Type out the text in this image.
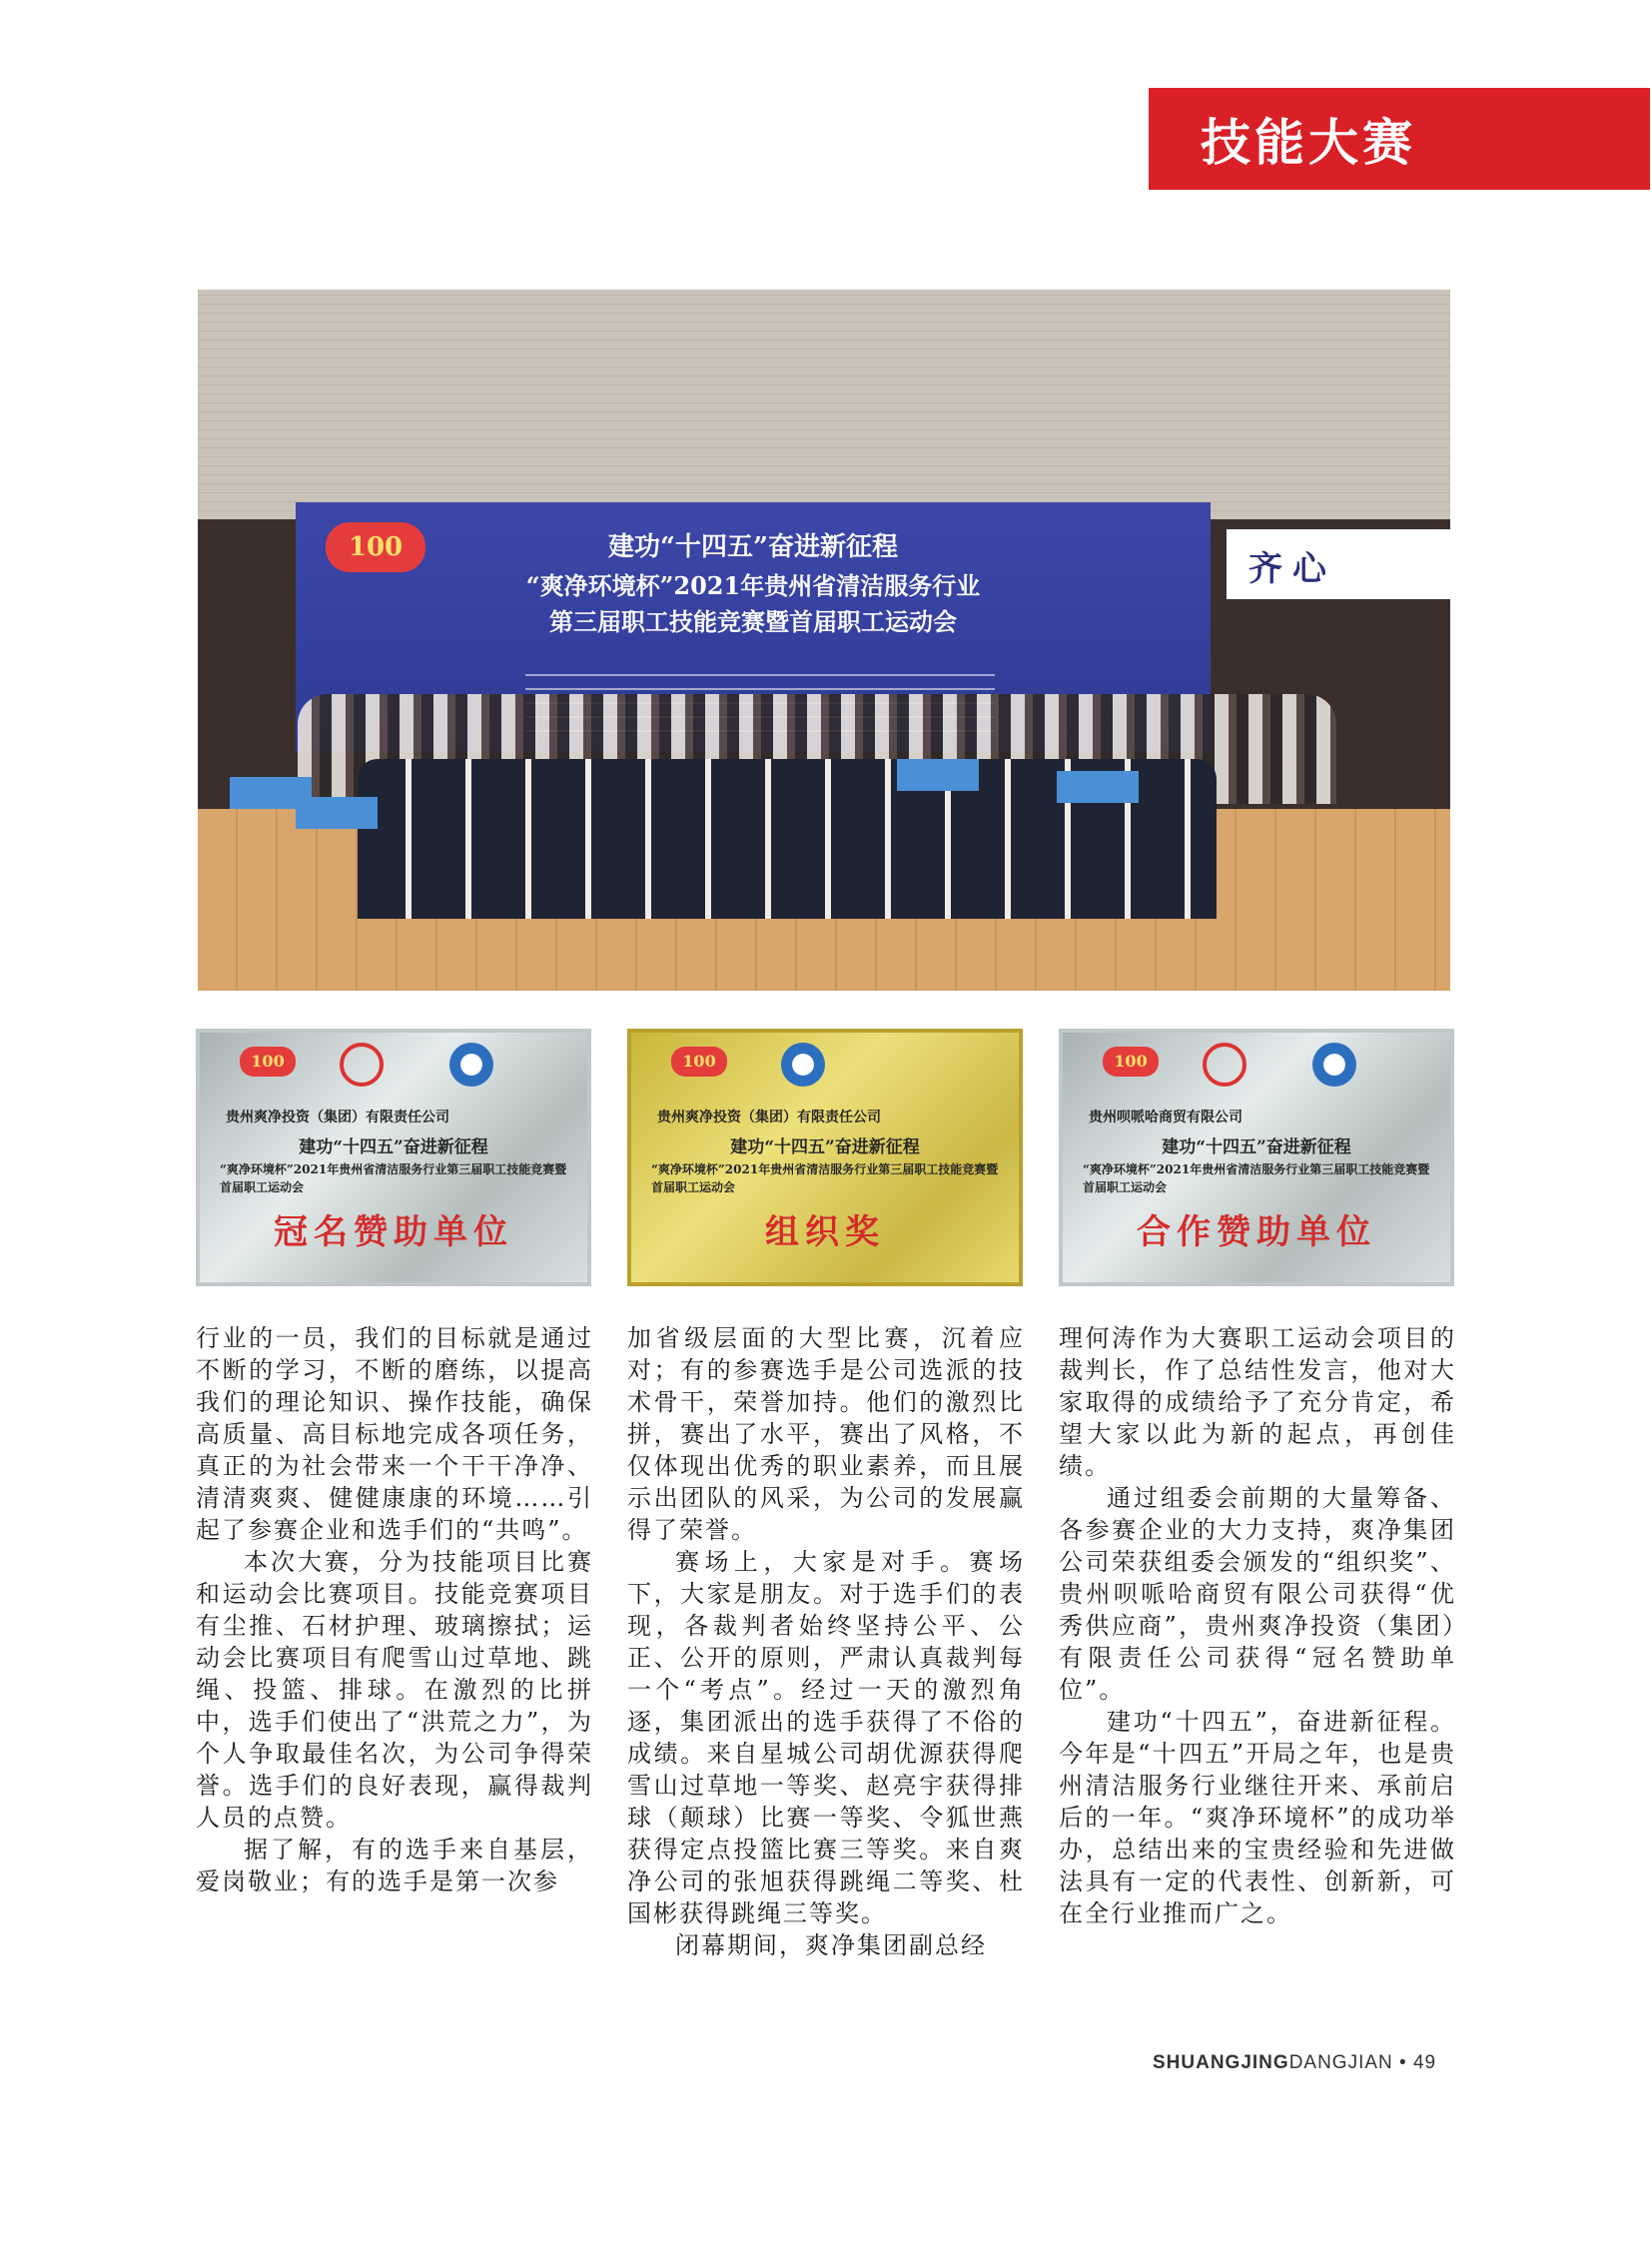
技能大赛
100	建功“十四五”奋进新征程
“爽净环境杯”2021年贵州省清洁服务行业
第三届职工技能竞赛暨首届职工运动会
齐心
100
贵州爽净投资（集团）有限责任公司
建功“十四五”奋进新征程
“爽净环境杯”2021年贵州省清洁服务行业第三届职工技能竞赛暨首届职工运动会
冠名赞助单位
100
贵州爽净投资（集团）有限责任公司
建功“十四五”奋进新征程
“爽净环境杯”2021年贵州省清洁服务行业第三届职工技能竞赛暨首届职工运动会
组织奖
100
贵州呗哌哈商贸有限公司
建功“十四五”奋进新征程
“爽净环境杯”2021年贵州省清洁服务行业第三届职工技能竞赛暨首届职工运动会
合作赞助单位

行业的一员，我们的目标就是通过不断的学习，不断的磨练，以提高我们的理论知识、操作技能，确保高质量、高目标地完成各项任务，真正的为社会带来一个干干净净、清清爽爽、健健康康的环境……引起了参赛企业和选手们的“共鸣”。

本次大赛，分为技能项目比赛和运动会比赛项目。技能竞赛项目有尘推、石材护理、玻璃擦拭；运动会比赛项目有爬雪山过草地、跳绳、投篮、排球。在激烈的比拼中，选手们使出了“洪荒之力”，为个人争取最佳名次，为公司争得荣誉。选手们的良好表现，赢得裁判人员的点赞。

据了解，有的选手来自基层，爱岗敬业；有的选手是第一次参

加省级层面的大型比赛，沉着应对；有的参赛选手是公司选派的技术骨干，荣誉加持。他们的激烈比拼，赛出了水平，赛出了风格，不仅体现出优秀的职业素养，而且展示出团队的风采，为公司的发展赢得了荣誉。

赛场上，大家是对手。赛场下，大家是朋友。对于选手们的表现，各裁判者始终坚持公平、公正、公开的原则，严肃认真裁判每一个“考点”。经过一天的激烈角逐，集团派出的选手获得了不俗的成绩。来自星城公司胡优源获得爬雪山过草地一等奖、赵亮宇获得排球（颠球）比赛一等奖、令狐世燕获得定点投篮比赛三等奖。来自爽净公司的张旭获得跳绳二等奖、杜国彬获得跳绳三等奖。

闭幕期间，爽净集团副总经

理何涛作为大赛职工运动会项目的裁判长，作了总结性发言，他对大家取得的成绩给予了充分肯定，希望大家以此为新的起点，再创佳绩。

通过组委会前期的大量筹备、各参赛企业的大力支持，爽净集团公司荣获组委会颁发的“组织奖”、贵州呗哌哈商贸有限公司获得“优秀供应商”，贵州爽净投资（集团）有限责任公司获得“冠名赞助单位”。

建功“十四五”，奋进新征程。今年是“十四五”开局之年，也是贵州清洁服务行业继往开来、承前启后的一年。“爽净环境杯”的成功举办，总结出来的宝贵经验和先进做法具有一定的代表性、创新新，可在全行业推而广之。

SHUANGJINGDANGJIAN • 49
